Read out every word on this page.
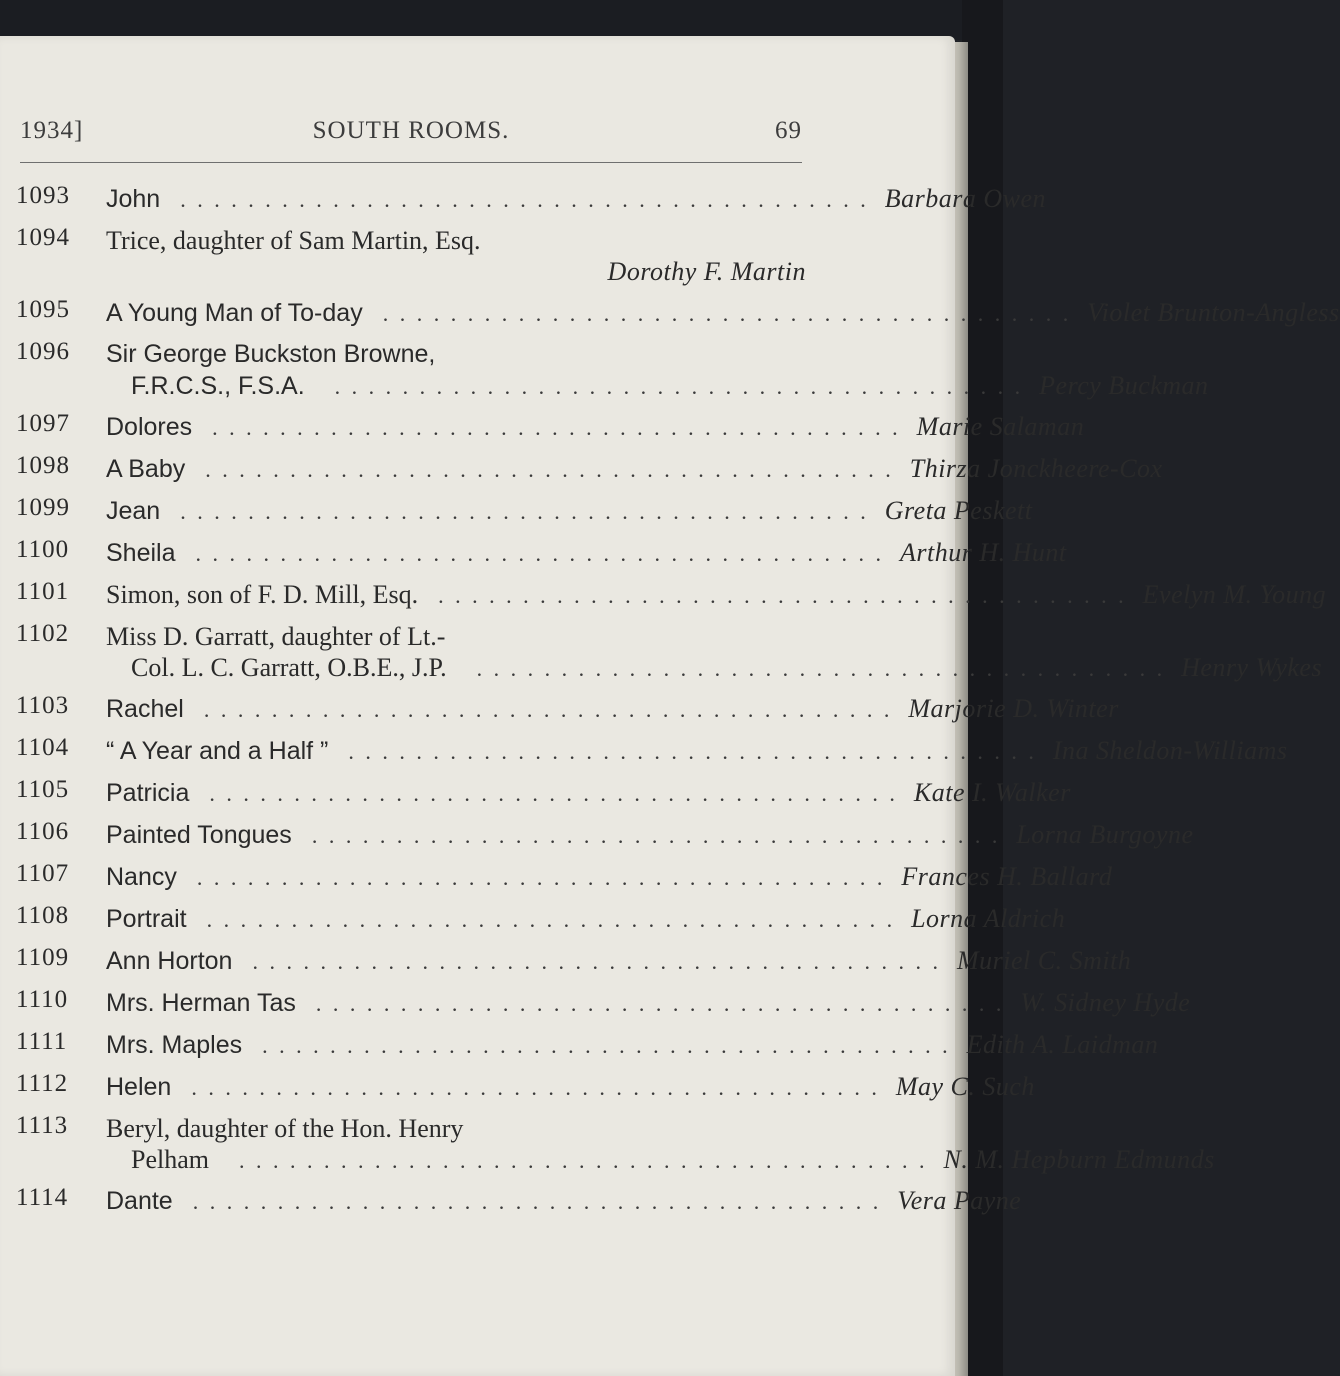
1934]	SOUTH ROOMS.	69
1093	John . . . . . . . . . . . . . . . . . . . . . . . . . . . . . . . . . . . . . . . . . Barbara Owen
1094	Trice, daughter of Sam Martin, Esq.
Dorothy F. Martin
1095	A Young Man of To-day . . . . . . . . . . . . . . . . . . . . . . . . . . . . . . . . . . . . . . . . . Violet Brunton-Angless
1096	Sir George Buckston Browne,
F.R.C.S., F.S.A.	. . . . . . . . . . . . . . . . . . . . . . . . . . . . . . . . . . . . . . . . . Percy Buckman
1097	Dolores . . . . . . . . . . . . . . . . . . . . . . . . . . . . . . . . . . . . . . . . . Marie Salaman
1098	A Baby . . . . . . . . . . . . . . . . . . . . . . . . . . . . . . . . . . . . . . . . . Thirza Jonckheere-Cox
1099	Jean . . . . . . . . . . . . . . . . . . . . . . . . . . . . . . . . . . . . . . . . . Greta Peskett
1100	Sheila . . . . . . . . . . . . . . . . . . . . . . . . . . . . . . . . . . . . . . . . . Arthur H. Hunt
1101	Simon, son of F. D. Mill, Esq. . . . . . . . . . . . . . . . . . . . . . . . . . . . . . . . . . . . . . . . . . Evelyn M. Young
1102	Miss D. Garratt, daughter of Lt.-
Col. L. C. Garratt, O.B.E., J.P.	. . . . . . . . . . . . . . . . . . . . . . . . . . . . . . . . . . . . . . . . . Henry Wykes
1103	Rachel . . . . . . . . . . . . . . . . . . . . . . . . . . . . . . . . . . . . . . . . . Marjorie D. Winter
1104	“ A Year and a Half ” . . . . . . . . . . . . . . . . . . . . . . . . . . . . . . . . . . . . . . . . . Ina Sheldon-Williams
1105	Patricia . . . . . . . . . . . . . . . . . . . . . . . . . . . . . . . . . . . . . . . . . Kate I. Walker
1106	Painted Tongues . . . . . . . . . . . . . . . . . . . . . . . . . . . . . . . . . . . . . . . . . Lorna Burgoyne
1107	Nancy . . . . . . . . . . . . . . . . . . . . . . . . . . . . . . . . . . . . . . . . . Frances H. Ballard
1108	Portrait . . . . . . . . . . . . . . . . . . . . . . . . . . . . . . . . . . . . . . . . . Lorna Aldrich
1109	Ann Horton . . . . . . . . . . . . . . . . . . . . . . . . . . . . . . . . . . . . . . . . . Muriel C. Smith
1110	Mrs. Herman Tas . . . . . . . . . . . . . . . . . . . . . . . . . . . . . . . . . . . . . . . . . W. Sidney Hyde
1111	Mrs. Maples . . . . . . . . . . . . . . . . . . . . . . . . . . . . . . . . . . . . . . . . . Edith A. Laidman
1112	Helen . . . . . . . . . . . . . . . . . . . . . . . . . . . . . . . . . . . . . . . . . May C. Such
1113	Beryl, daughter of the Hon. Henry
Pelham	. . . . . . . . . . . . . . . . . . . . . . . . . . . . . . . . . . . . . . . . . N. M. Hepburn Edmunds
1114	Dante . . . . . . . . . . . . . . . . . . . . . . . . . . . . . . . . . . . . . . . . . Vera Payne
